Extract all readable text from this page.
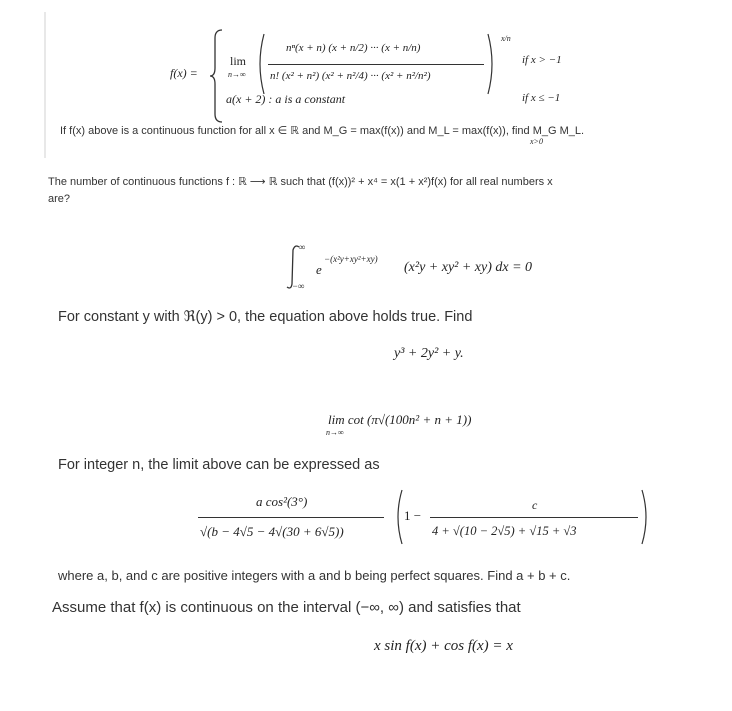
f(x) =
lim
n→∞
nⁿ(x + n) (x + n/2) ··· (x + n/n)
n! (x² + n²) (x² + n²/4) ··· (x² + n²/n²)
x/n
if x > −1
a(x + 2) : a is a constant	if x ≤ −1
If f(x) above is a continuous function for all x ∈ ℝ and M_G = max(f(x)) and M_L = max(f(x)), find M_G M_L.
x>0
The number of continuous functions f : ℝ ⟶ ℝ such that (f(x))² + x⁴ = x(1 + x²)f(x) for all real numbers x
are?
∞
−∞
e
−(x²y+xy²+xy)
(x²y + xy² + xy) dx = 0
For constant y with ℜ(y) > 0, the equation above holds true. Find
y³ + 2y² + y.
lim cot (π√(100n² + n + 1))
n→∞
For integer n, the limit above can be expressed as
a cos²(3°)
√(b − 4√5 − 4√(30 + 6√5))
1 −
c
4 + √(10 − 2√5) + √15 + √3
where a, b, and c are positive integers with a and b being perfect squares. Find a + b + c.
Assume that f(x) is continuous on the interval (−∞, ∞) and satisfies that
x sin f(x) + cos f(x) = x
